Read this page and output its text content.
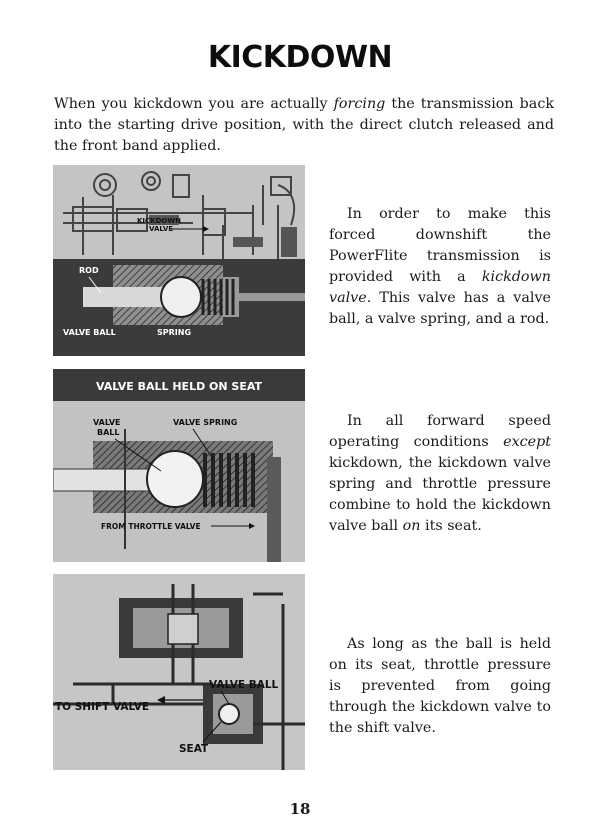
KICKDOWN

When you kickdown you are actually forcing the transmission back into the starting drive position, with the direct clutch released and the front band applied.

KICKDOWN
VALVE
ROD
VALVE BALL	SPRING

In order to make this forced downshift the PowerFlite transmission is provided with a kickdown valve. This valve has a valve ball, a valve spring, and a rod.

VALVE BALL HELD ON SEAT
VALVE
BALL
VALVE SPRING
FROM THROTTLE VALVE

In all forward speed operating conditions except kickdown, the kickdown valve spring and throttle pressure combine to hold the kickdown valve ball on its seat.

VALVE BALL
TO SHIFT VALVE
SEAT

As long as the ball is held on its seat, throttle pressure is prevented from going through the kickdown valve to the shift valve.

18
